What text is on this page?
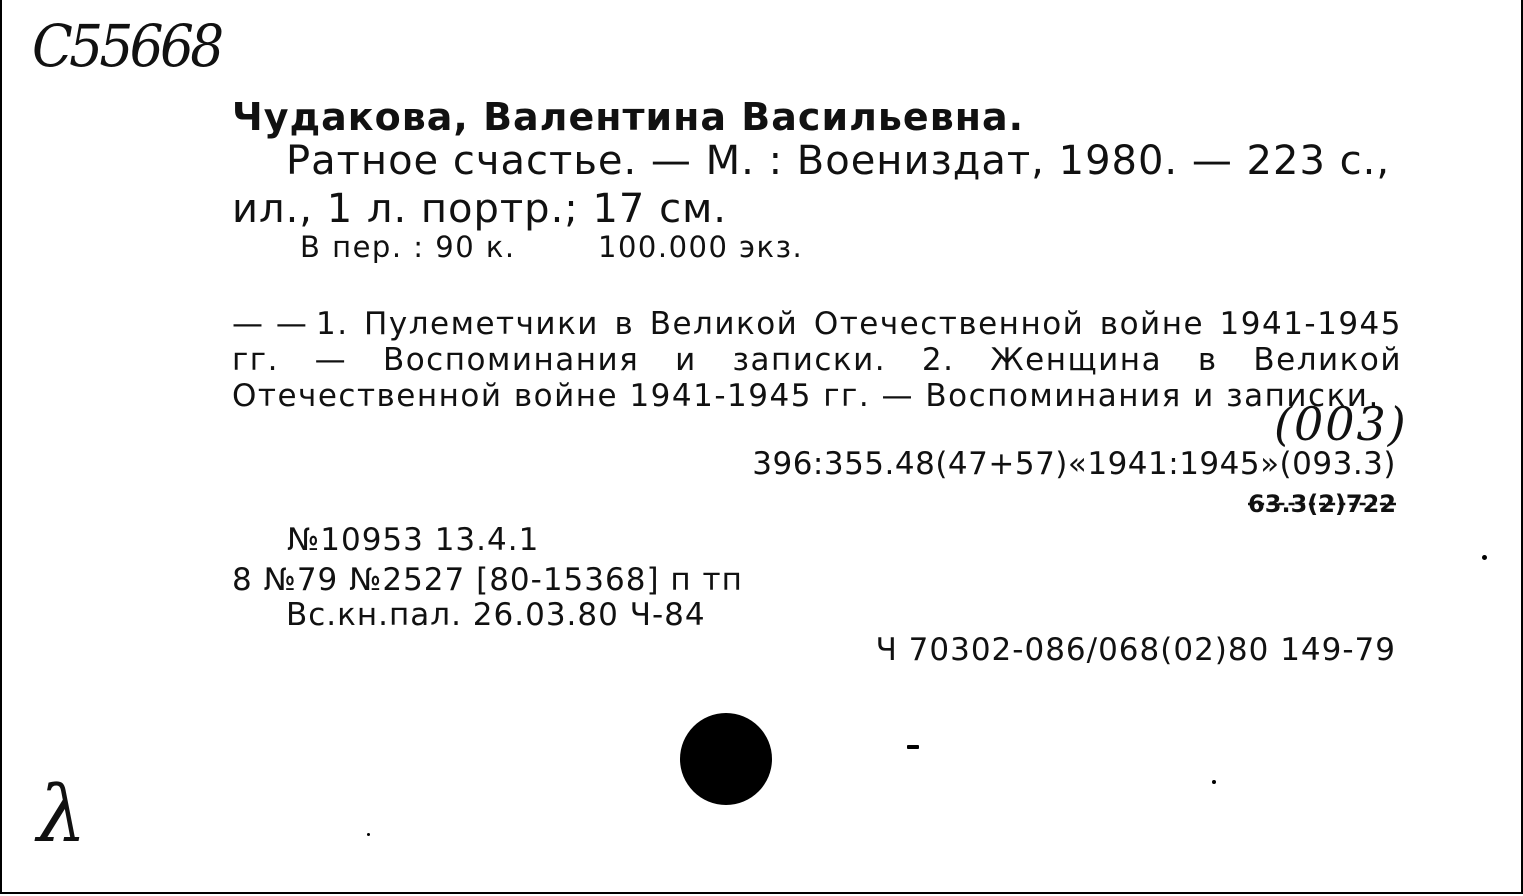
С55668
Чудакова, Валентина Васильевна.
Ратное счастье. — М. : Воениздат, 1980. — 223 с.,
ил., 1 л. портр.; 17 см.
В пер. : 90 к.	100.000 экз.
— — 1. Пулеметчики в Великой Отечественной войне 1941-1945 гг. — Воспоминания и записки. 2. Женщина в Великой Отечественной войне 1941-1945 гг. — Воспоминания и записки.
(003)
396:355.48(47+57)«1941:1945»(093.3)
63.3(2)722
№10953 13.4.1
8 №79 №2527 [80-15368] п тп
Вс.кн.пал. 26.03.80 Ч-84
Ч 70302-086/068(02)80 149-79
λ
